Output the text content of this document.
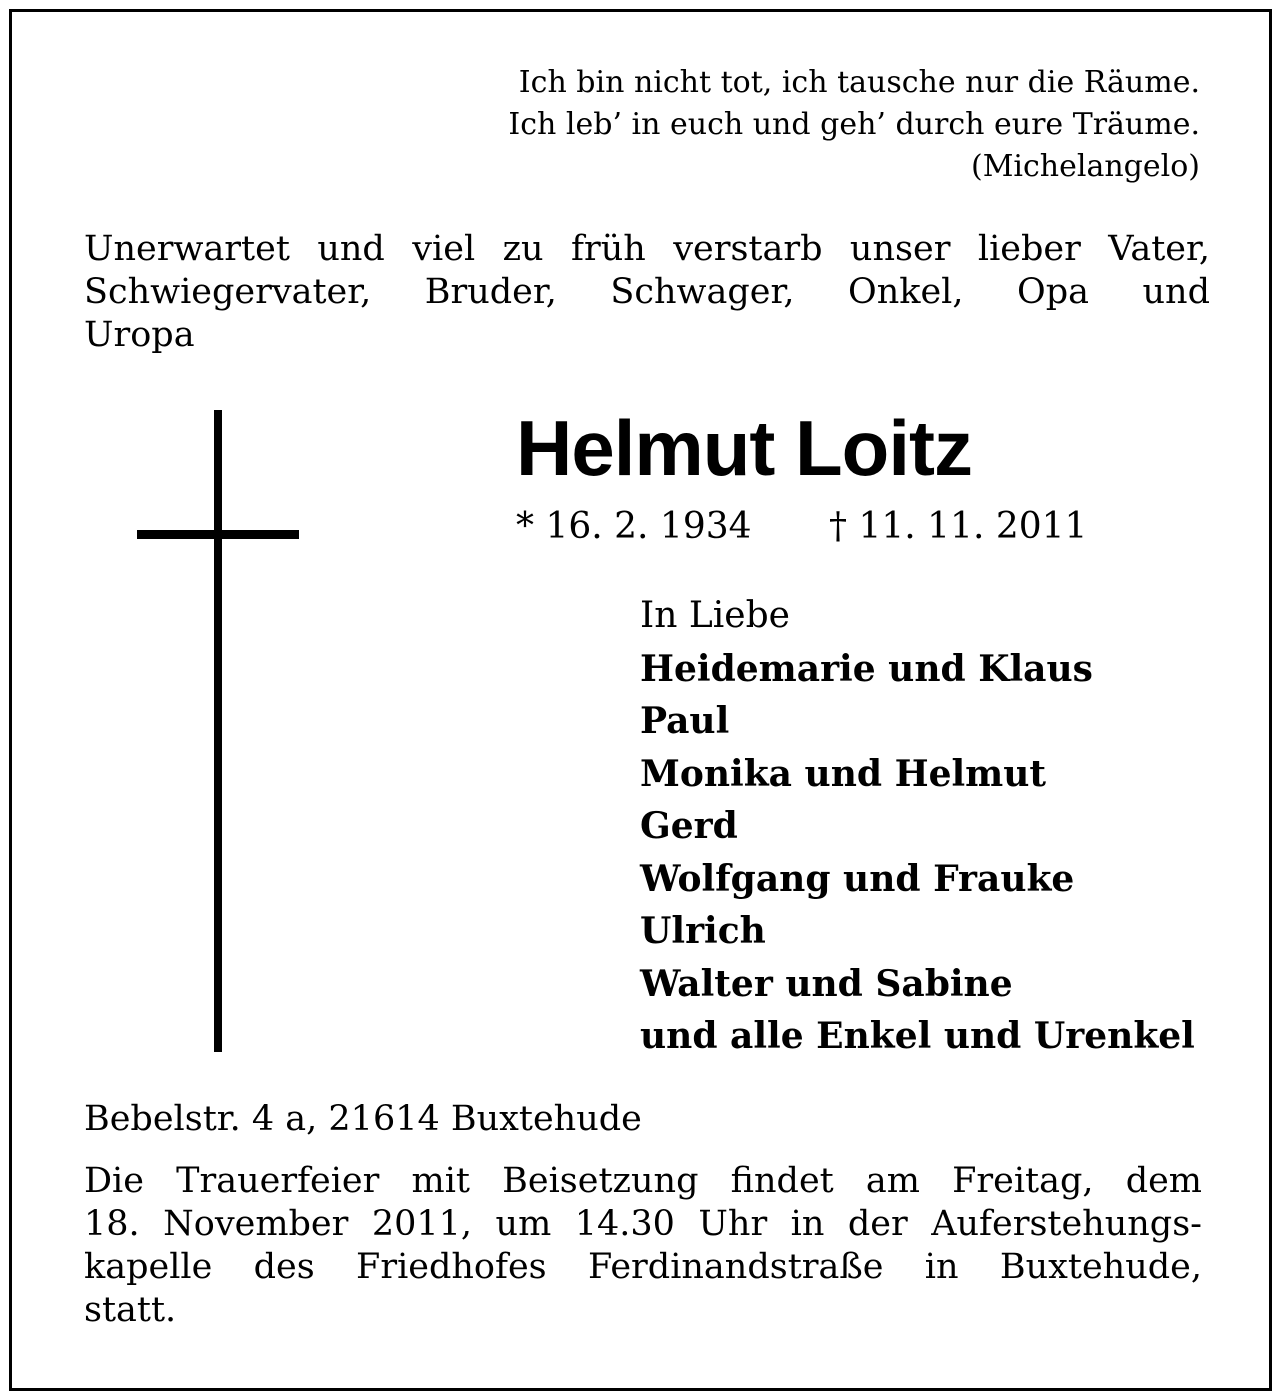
Ich bin nicht tot, ich tausche nur die Räume.
Ich leb’ in euch und geh’ durch eure Träume.
(Michelangelo)
Unerwartet und viel zu früh verstarb unser lieber Vater,
Schwiegervater, Bruder, Schwager, Onkel, Opa und
Uropa
Helmut Loitz
* 16. 2. 1934 † 11. 11. 2011
In Liebe
Heidemarie und Klaus
Paul
Monika und Helmut
Gerd
Wolfgang und Frauke
Ulrich
Walter und Sabine
und alle Enkel und Urenkel
Bebelstr. 4 a, 21614 Buxtehude
Die Trauerfeier mit Beisetzung findet am Freitag, dem
18. November 2011, um 14.30 Uhr in der Auferstehungs-
kapelle des Friedhofes Ferdinandstraße in Buxtehude,
statt.
